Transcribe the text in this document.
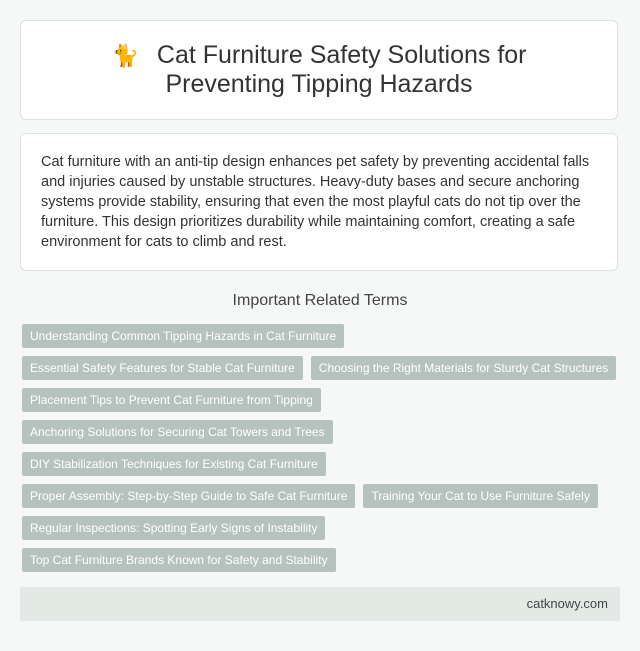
🐈 Cat Furniture Safety Solutions for Preventing Tipping Hazards

Cat furniture with an anti-tip design enhances pet safety by preventing accidental falls and injuries caused by unstable structures. Heavy-duty bases and secure anchoring systems provide stability, ensuring that even the most playful cats do not tip over the furniture. This design prioritizes durability while maintaining comfort, creating a safe environment for cats to climb and rest.

Important Related Terms
Understanding Common Tipping Hazards in Cat Furniture
Essential Safety Features for Stable Cat Furniture	Choosing the Right Materials for Sturdy Cat Structures
Placement Tips to Prevent Cat Furniture from Tipping
Anchoring Solutions for Securing Cat Towers and Trees
DIY Stabilization Techniques for Existing Cat Furniture
Proper Assembly: Step-by-Step Guide to Safe Cat Furniture	Training Your Cat to Use Furniture Safely
Regular Inspections: Spotting Early Signs of Instability
Top Cat Furniture Brands Known for Safety and Stability
catknowy.com
